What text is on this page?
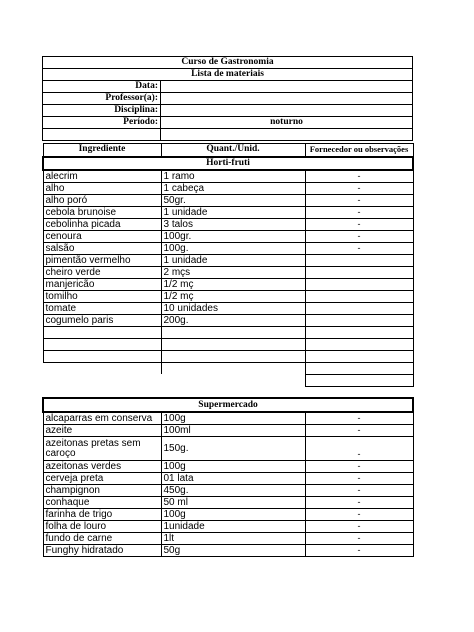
Curso de Gastronomia	
Lista de materiais	
Data:	
Professor(a):	
Disciplina:	
Período:	noturno

Ingrediente	Quant./Unid.	Fornecedor ou observações
Horti-fruti		
alecrim	1 ramo	-
alho	1 cabeça	-
alho poró	50gr.	-
cebola brunoise	1 unidade	-
cebolinha picada	3 talos	-
cenoura	100gr.	-
salsão	100g.	-
pimentão vermelho	1 unidade	
cheiro verde	2 mçs	
manjericão	1/2 mç	
tomilho	1/2 mç	
tomate	10 unidades	
cogumelo paris	200g.	

Supermercado		
alcaparras em conserva	100g	-
azeite	100ml	-
azeitonas pretas sem caroço	150g.	-
azeitonas verdes	100g	-
cerveja preta	01 lata	-
champignon	450g.	-
conhaque	50 ml	-
farinha de trigo	100g	-
folha de louro	1unidade	-
fundo de carne	1lt	-
Funghy hidratado	50g	-
